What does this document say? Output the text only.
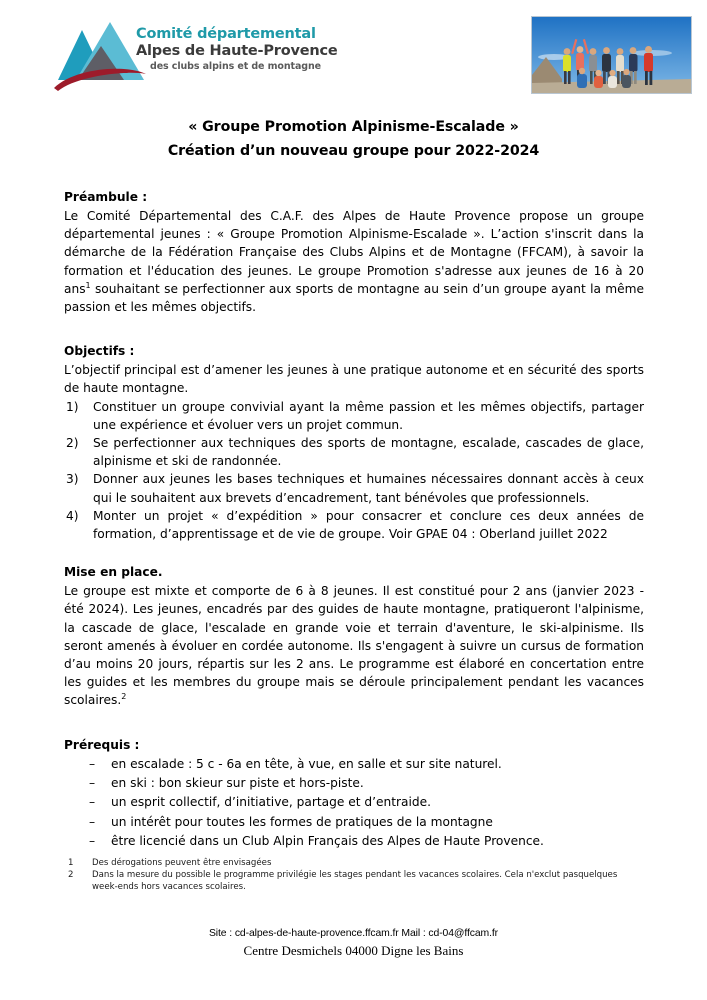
Comité départemental
Alpes de Haute-Provence
des clubs alpins et de montagne
« Groupe Promotion Alpinisme-Escalade »
Création d’un nouveau groupe pour 2022-2024
Préambule :

Le Comité Départemental des C.A.F. des Alpes de Haute Provence propose un groupe départemental jeunes : « Groupe Promotion Alpinisme-Escalade ». L’action s'inscrit dans la démarche de la Fédération Française des Clubs Alpins et de Montagne (FFCAM), à savoir la formation et l'éducation des jeunes. Le groupe Promotion s'adresse aux jeunes de 16 à 20 ans$^1$ souhaitant se perfectionner aux sports de montagne au sein d’un groupe ayant la même passion et les mêmes objectifs.

Objectifs :

L’objectif principal est d’amener les jeunes à une pratique autonome et en sécurité des sports de haute montagne.

1)	Constituer un groupe convivial ayant la même passion et les mêmes objectifs, partager une expérience et évoluer vers un projet commun.
2)	Se perfectionner aux techniques des sports de montagne, escalade, cascades de glace, alpinisme et ski de randonnée.
3)	Donner aux jeunes les bases techniques et humaines nécessaires donnant accès à ceux qui le souhaitent aux brevets d’encadrement, tant bénévoles que professionnels.
4)	Monter un projet « d’expédition » pour consacrer et conclure ces deux années de formation, d’apprentissage et de vie de groupe. Voir GPAE 04 : Oberland juillet 2022
Mise en place.

Le groupe est mixte et comporte de 6 à 8 jeunes. Il est constitué pour 2 ans (janvier 2023 - été 2024). Les jeunes, encadrés par des guides de haute montagne, pratiqueront l'alpinisme, la cascade de glace, l'escalade en grande voie et terrain d'aventure, le ski-alpinisme. Ils seront amenés à évoluer en cordée autonome. Ils s'engagent à suivre un cursus de formation d’au moins 20 jours, répartis sur les 2 ans. Le programme est élaboré en concertation entre les guides et les membres du groupe mais se déroule principalement pendant les vacances scolaires.$^2$

Prérequis :
– en escalade : 5 c - 6a en tête, à vue, en salle et sur site naturel.
– en ski : bon skieur sur piste et hors-piste.
– un esprit collectif, d’initiative, partage et d’entraide.
– un intérêt pour toutes les formes de pratiques de la montagne
– être licencié dans un Club Alpin Français des Alpes de Haute Provence.
1 Des dérogations peuvent être envisagées
2 Dans la mesure du possible le programme privilégie les stages pendant les vacances scolaires. Cela n'exclut pasquelques week-ends hors vacances scolaires.
Site : cd-alpes-de-haute-provence.ffcam.fr Mail : cd-04@ffcam.fr
Centre Desmichels 04000 Digne les Bains
